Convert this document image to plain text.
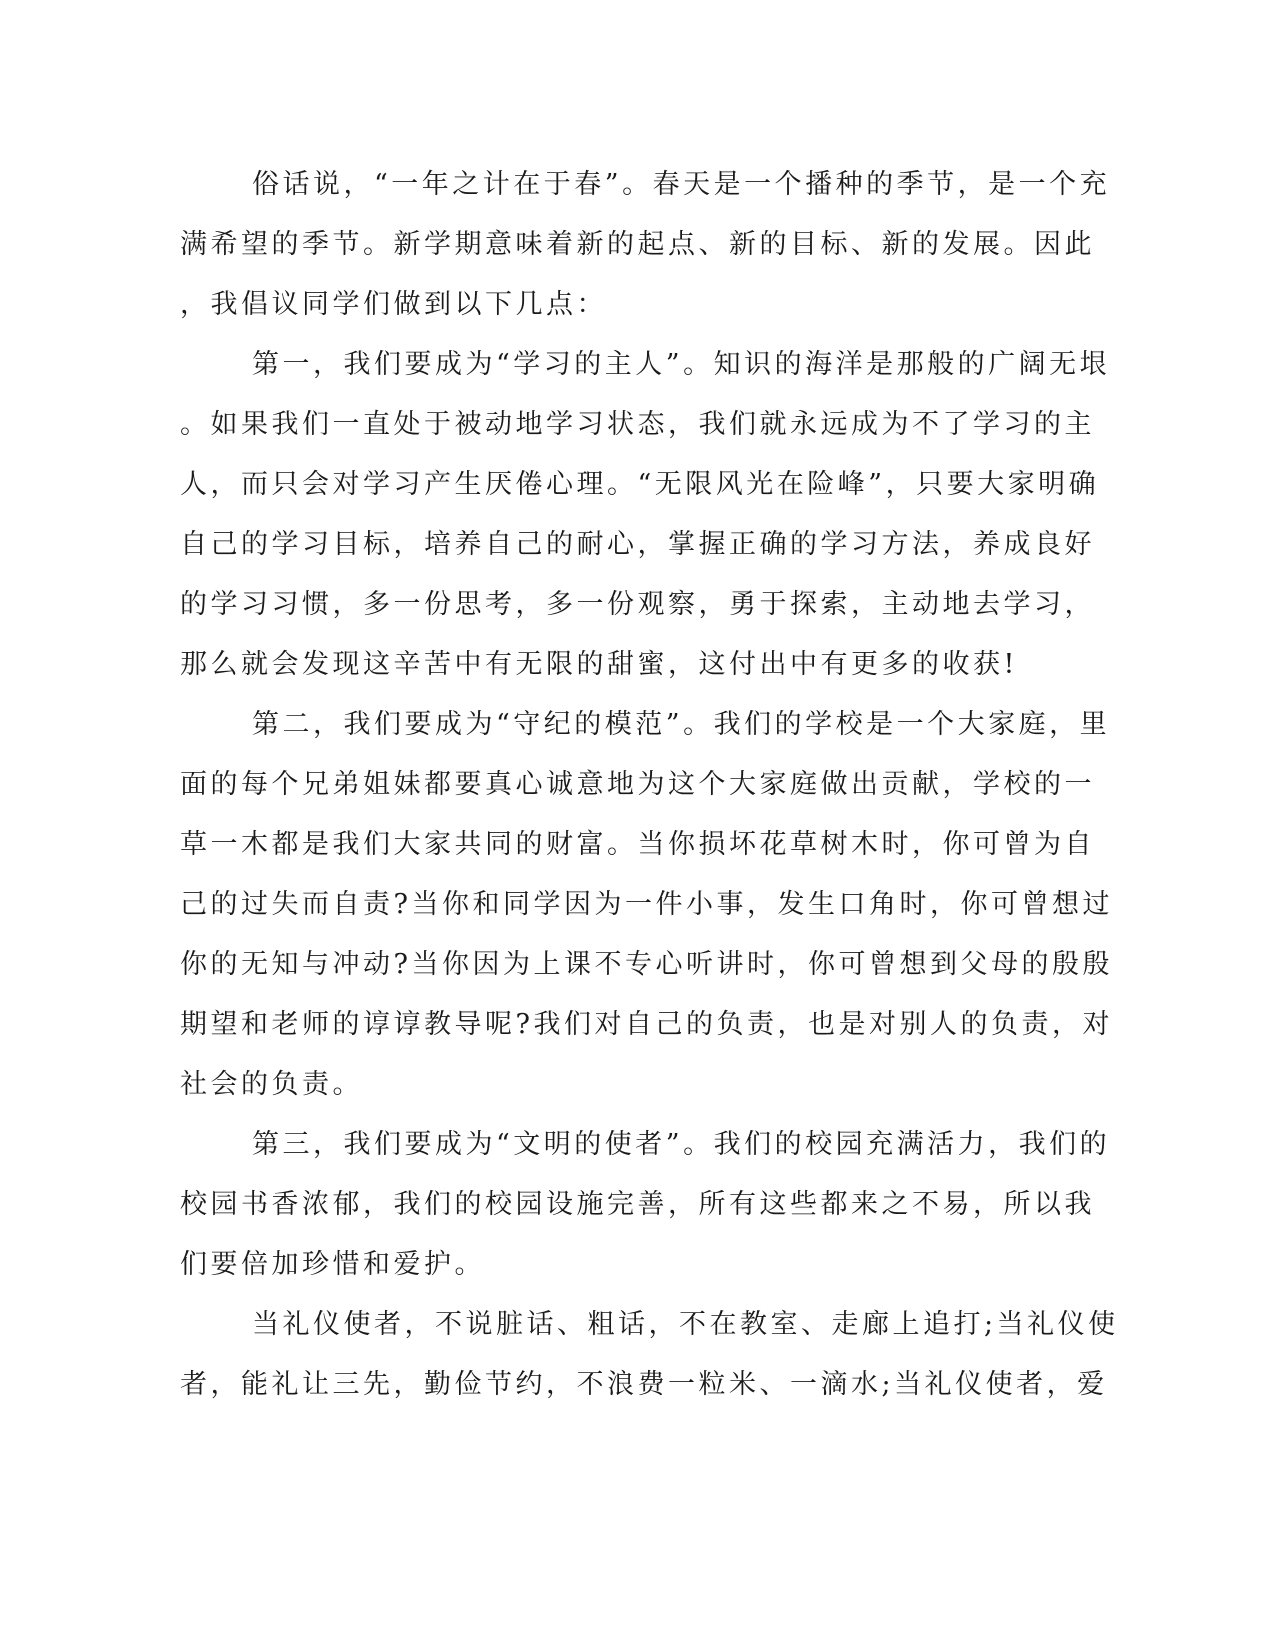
俗话说，“一年之计在于春”。春天是一个播种的季节，是一个充
满希望的季节。新学期意味着新的起点、新的目标、新的发展。因此
，我倡议同学们做到以下几点：
第一，我们要成为“学习的主人”。知识的海洋是那般的广阔无垠
。如果我们一直处于被动地学习状态，我们就永远成为不了学习的主
人，而只会对学习产生厌倦心理。“无限风光在险峰”，只要大家明确
自己的学习目标，培养自己的耐心，掌握正确的学习方法，养成良好
的学习习惯，多一份思考，多一份观察，勇于探索，主动地去学习，
那么就会发现这辛苦中有无限的甜蜜，这付出中有更多的收获!
第二，我们要成为“守纪的模范”。我们的学校是一个大家庭，里
面的每个兄弟姐妹都要真心诚意地为这个大家庭做出贡献，学校的一
草一木都是我们大家共同的财富。当你损坏花草树木时，你可曾为自
己的过失而自责?当你和同学因为一件小事，发生口角时，你可曾想过
你的无知与冲动?当你因为上课不专心听讲时，你可曾想到父母的殷殷
期望和老师的谆谆教导呢?我们对自己的负责，也是对别人的负责，对
社会的负责。
第三，我们要成为“文明的使者”。我们的校园充满活力，我们的
校园书香浓郁，我们的校园设施完善，所有这些都来之不易，所以我
们要倍加珍惜和爱护。
当礼仪使者，不说脏话、粗话，不在教室、走廊上追打;当礼仪使
者，能礼让三先，勤俭节约，不浪费一粒米、一滴水;当礼仪使者，爱
